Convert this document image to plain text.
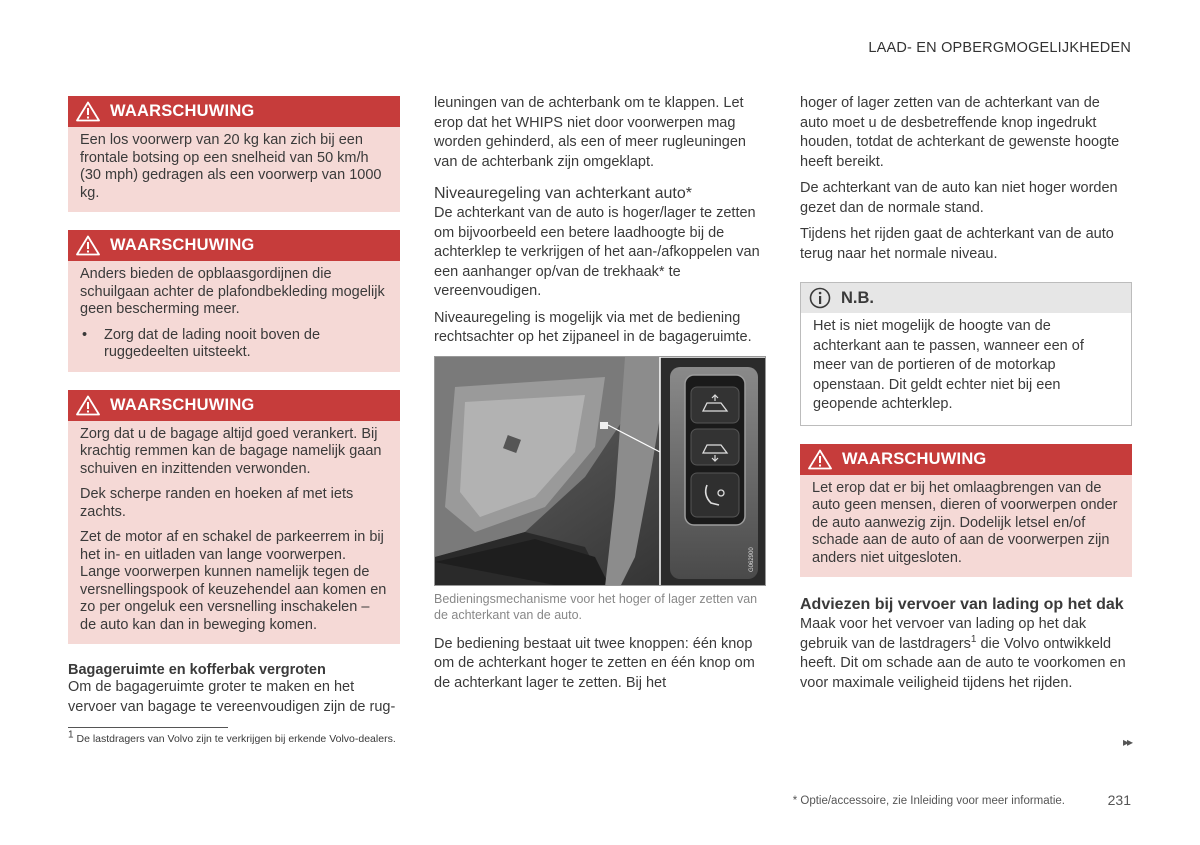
LAAD- EN OPBERGMOGELIJKHEDEN
WAARSCHUWING

Een los voorwerp van 20 kg kan zich bij een frontale botsing op een snelheid van 50 km/h (30 mph) gedragen als een voorwerp van 1000 kg.

WAARSCHUWING

Anders bieden de opblaasgordijnen die schuilgaan achter de plafondbekleding mogelijk geen bescherming meer.

•	Zorg dat de lading nooit boven de ruggedeelten uitsteekt.
WAARSCHUWING

Zorg dat u de bagage altijd goed verankert. Bij krachtig remmen kan de bagage namelijk gaan schuiven en inzittenden verwonden.

Dek scherpe randen en hoeken af met iets zachts.

Zet de motor af en schakel de parkeerrem in bij het in- en uitladen van lange voorwerpen. Lange voorwerpen kunnen namelijk tegen de versnellingspook of keuzehendel aan komen en zo per ongeluk een versnelling inschakelen – de auto kan dan in beweging komen.

Bagageruimte en kofferbak vergroten

Om de bagageruimte groter te maken en het vervoer van bagage te vereenvoudigen zijn de rug-

leuningen van de achterbank om te klappen. Let erop dat het WHIPS niet door voorwerpen mag worden gehinderd, als een of meer rugleuningen van de achterbank zijn omgeklapt.

Niveauregeling van achterkant auto*

De achterkant van de auto is hoger/lager te zetten om bijvoorbeeld een betere laadhoogte bij de achterklep te verkrijgen of het aan-/afkoppelen van een aanhanger op/van de trekhaak* te vereenvoudigen.

Niveauregeling is mogelijk via met de bediening rechtsachter op het zijpaneel in de bagageruimte.

G062900

Bedieningsmechanisme voor het hoger of lager zetten van de achterkant van de auto.

De bediening bestaat uit twee knoppen: één knop om de achterkant hoger te zetten en één knop om de achterkant lager te zetten. Bij het

hoger of lager zetten van de achterkant van de auto moet u de desbetreffende knop ingedrukt houden, totdat de achterkant de gewenste hoogte heeft bereikt.

De achterkant van de auto kan niet hoger worden gezet dan de normale stand.

Tijdens het rijden gaat de achterkant van de auto terug naar het normale niveau.

N.B.

Het is niet mogelijk de hoogte van de achterkant aan te passen, wanneer een of meer van de portieren of de motorkap openstaan. Dit geldt echter niet bij een geopende achterklep.

WAARSCHUWING

Let erop dat er bij het omlaagbrengen van de auto geen mensen, dieren of voorwerpen onder de auto aanwezig zijn. Dodelijk letsel en/of schade aan de auto of aan de voorwerpen zijn anders niet uitgesloten.

Adviezen bij vervoer van lading op het dak

Maak voor het vervoer van lading op het dak gebruik van de lastdragers$^1$ die Volvo ontwikkeld heeft. Dit om schade aan de auto te voorkomen en voor maximale veiligheid tijdens het rijden.

$^1$ De lastdragers van Volvo zijn te verkrijgen bij erkende Volvo-dealers.	▸▸
* Optie/accessoire, zie Inleiding voor meer informatie.	231
